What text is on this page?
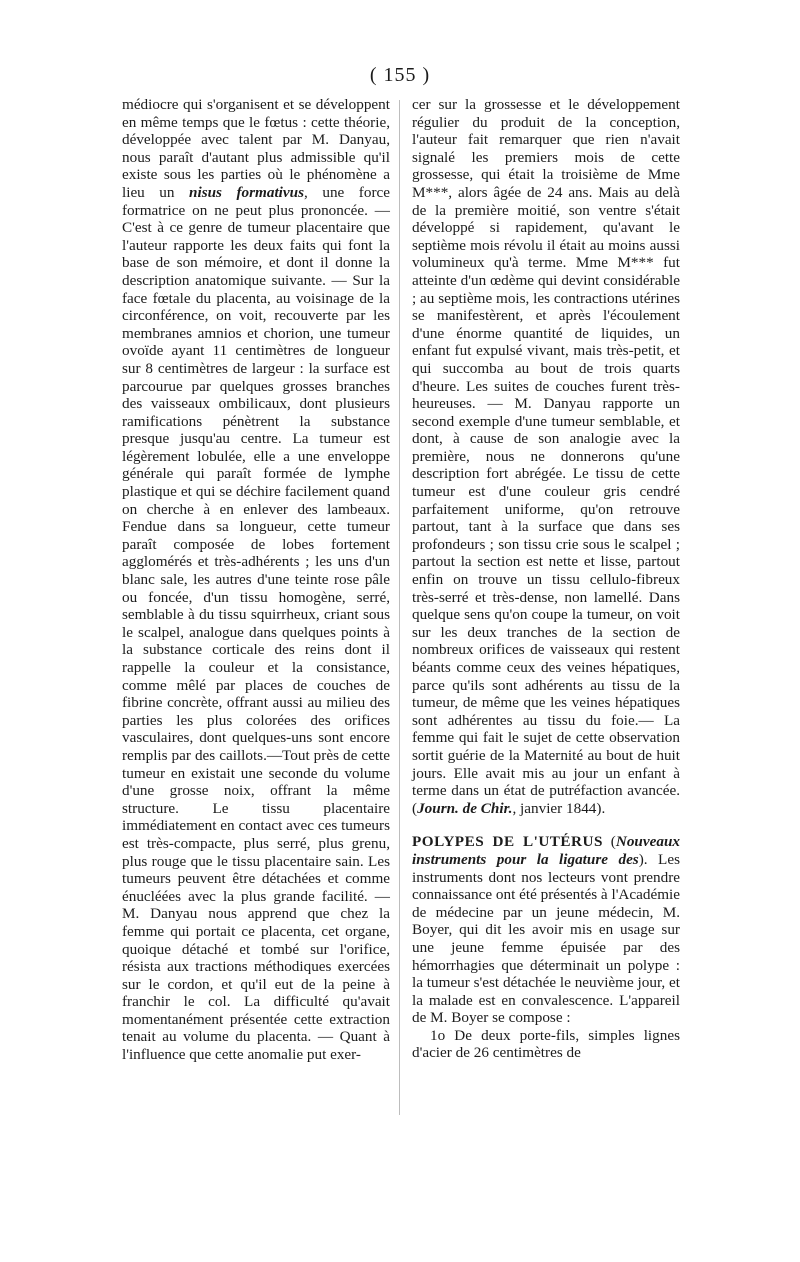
( 155 )

médiocre qui s'organisent et se développent en même temps que le fœtus : cette théorie, développée avec talent par M. Danyau, nous paraît d'autant plus admissible qu'il existe sous les parties où le phénomène a lieu un nisus formativus, une force formatrice on ne peut plus prononcée. — C'est à ce genre de tumeur placentaire que l'auteur rapporte les deux faits qui font la base de son mémoire, et dont il donne la description anatomique suivante. — Sur la face fœtale du placenta, au voisinage de la circonférence, on voit, recouverte par les membranes amnios et chorion, une tumeur ovoïde ayant 11 centimètres de longueur sur 8 centimètres de largeur : la surface est parcourue par quelques grosses branches des vaisseaux ombilicaux, dont plusieurs ramifications pénètrent la substance presque jusqu'au centre. La tumeur est légèrement lobulée, elle a une enveloppe générale qui paraît formée de lymphe plastique et qui se déchire facilement quand on cherche à en enlever des lambeaux. Fendue dans sa longueur, cette tumeur paraît composée de lobes fortement agglomérés et très-adhérents ; les uns d'un blanc sale, les autres d'une teinte rose pâle ou foncée, d'un tissu homogène, serré, semblable à du tissu squirrheux, criant sous le scalpel, analogue dans quelques points à la substance corticale des reins dont il rappelle la couleur et la consistance, comme mêlé par places de couches de fibrine concrète, offrant aussi au milieu des parties les plus colorées des orifices vasculaires, dont quelques-uns sont encore remplis par des caillots.—Tout près de cette tumeur en existait une seconde du volume d'une grosse noix, offrant la même structure. Le tissu placentaire immédiatement en contact avec ces tumeurs est très-compacte, plus serré, plus grenu, plus rouge que le tissu placentaire sain. Les tumeurs peuvent être détachées et comme énucléées avec la plus grande facilité. — M. Danyau nous apprend que chez la femme qui portait ce placenta, cet organe, quoique détaché et tombé sur l'orifice, résista aux tractions méthodiques exercées sur le cordon, et qu'il eut de la peine à franchir le col. La difficulté qu'avait momentanément présentée cette extraction tenait au volume du placenta. — Quant à l'influence que cette anomalie put exer-

cer sur la grossesse et le développement régulier du produit de la conception, l'auteur fait remarquer que rien n'avait signalé les premiers mois de cette grossesse, qui était la troisième de Mme M***, alors âgée de 24 ans. Mais au delà de la première moitié, son ventre s'était développé si rapidement, qu'avant le septième mois révolu il était au moins aussi volumineux qu'à terme. Mme M*** fut atteinte d'un œdème qui devint considérable ; au septième mois, les contractions utérines se manifestèrent, et après l'écoulement d'une énorme quantité de liquides, un enfant fut expulsé vivant, mais très-petit, et qui succomba au bout de trois quarts d'heure. Les suites de couches furent très-heureuses. — M. Danyau rapporte un second exemple d'une tumeur semblable, et dont, à cause de son analogie avec la première, nous ne donnerons qu'une description fort abrégée. Le tissu de cette tumeur est d'une couleur gris cendré parfaitement uniforme, qu'on retrouve partout, tant à la surface que dans ses profondeurs ; son tissu crie sous le scalpel ; partout la section est nette et lisse, partout enfin on trouve un tissu cellulo-fibreux très-serré et très-dense, non lamellé. Dans quelque sens qu'on coupe la tumeur, on voit sur les deux tranches de la section de nombreux orifices de vaisseaux qui restent béants comme ceux des veines hépatiques, parce qu'ils sont adhérents au tissu de la tumeur, de même que les veines hépatiques sont adhérentes au tissu du foie.— La femme qui fait le sujet de cette observation sortit guérie de la Maternité au bout de huit jours. Elle avait mis au jour un enfant à terme dans un état de putréfaction avancée. (Journ. de Chir., janvier 1844).

POLYPES DE L'UTÉRUS (Nouveaux instruments pour la ligature des). Les instruments dont nos lecteurs vont prendre connaissance ont été présentés à l'Académie de médecine par un jeune médecin, M. Boyer, qui dit les avoir mis en usage sur une jeune femme épuisée par des hémorrhagies que déterminait un polype : la tumeur s'est détachée le neuvième jour, et la malade est en convalescence. L'appareil de M. Boyer se compose :

1o De deux porte-fils, simples lignes d'acier de 26 centimètres de
